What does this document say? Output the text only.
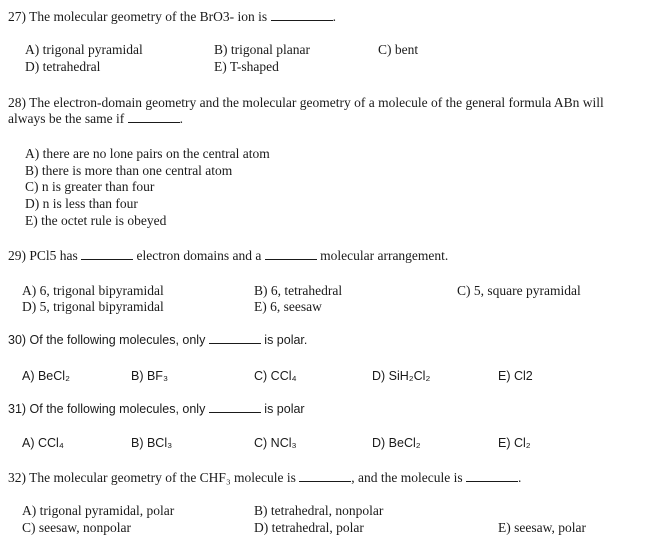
27) The molecular geometry of the BrO3- ion is	.
A) trigonal pyramidal	B) trigonal planar	C) bent
D) tetrahedral	E) T-shaped
28) The electron-domain geometry and the molecular geometry of a molecule of the general formula ABn will
always be the same if	.
A) there are no lone pairs on the central atom
B) there is more than one central atom
C) n is greater than four
D) n is less than four
E) the octet rule is obeyed
29) PCl5 has	electron domains and a	molecular arrangement.
A) 6, trigonal bipyramidal	B) 6, tetrahedral	C) 5, square pyramidal
D) 5, trigonal bipyramidal	E) 6, seesaw
30) Of the following molecules, only	is polar.
A) BeCl₂	B) BF₃	C) CCl₄	D) SiH₂Cl₂	E) Cl2
31) Of the following molecules, only	is polar
A) CCl₄	B) BCl₃	C) NCl₃	D) BeCl₂	E) Cl₂
32) The molecular geometry of the CHF₃ molecule is	, and the molecule is	.
A) trigonal pyramidal, polar	B) tetrahedral, nonpolar
C) seesaw, nonpolar	D) tetrahedral, polar	E) seesaw, polar
